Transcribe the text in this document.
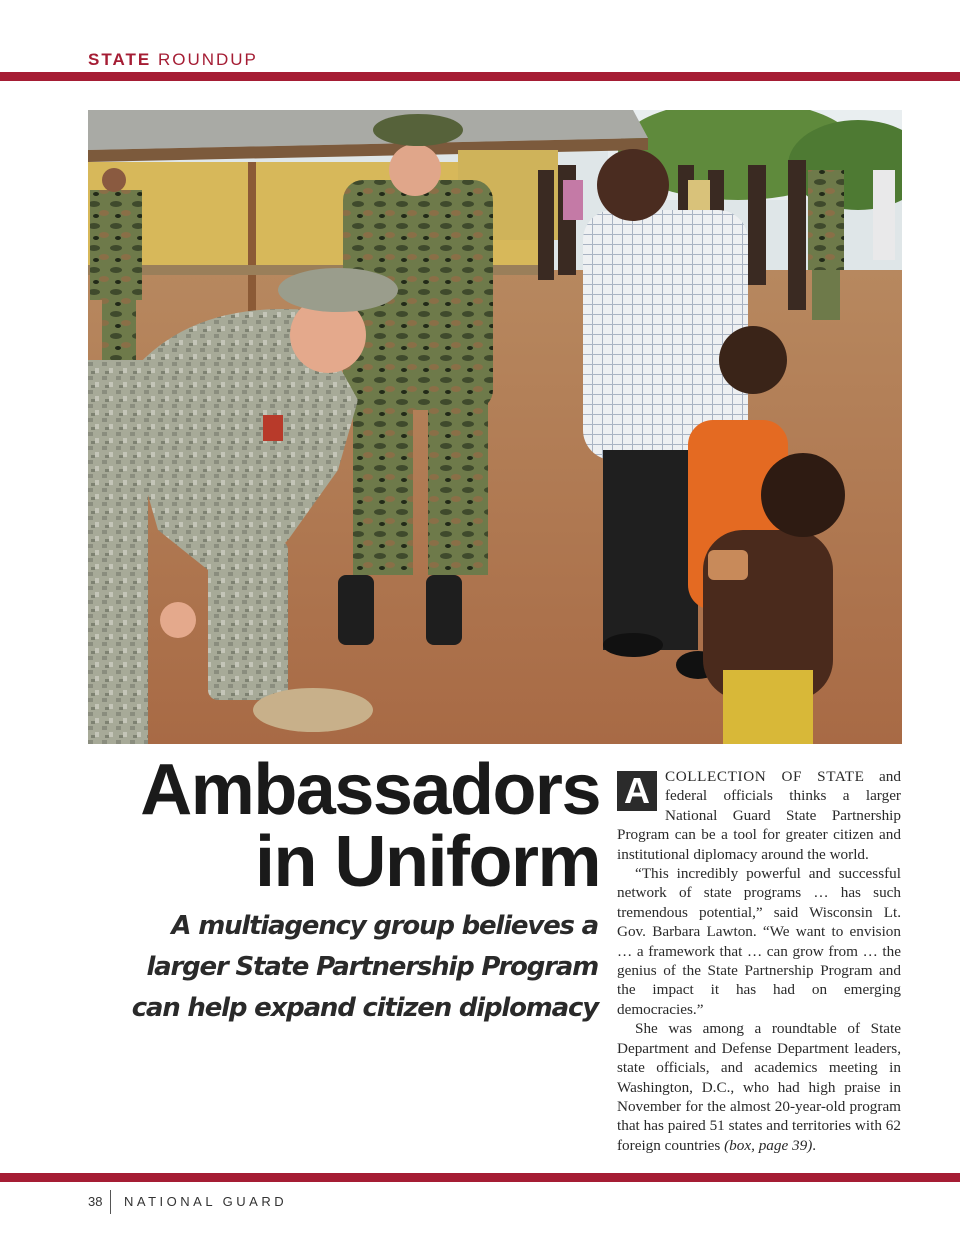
STATE ROUNDUP
Ambassadors
in Uniform
A multiagency group believes a
larger State Partnership Program
can help expand citizen diplomacy

A COLLECTION OF STATE and federal officials thinks a larger National Guard State Partnership Program can be a tool for greater citizen and institutional diplomacy around the world.

“This incredibly powerful and successful network of state programs … has such tremendous potential,” said Wisconsin Lt. Gov. Barbara Lawton. “We want to envision … a framework that … can grow from … the genius of the State Partnership Program and the impact it has had on emerging democracies.”

She was among a roundtable of State Department and Defense Department leaders, state officials, and academics meeting in Washington, D.C., who had high praise in November for the almost 20-year-old program that has paired 51 states and territories with 62 foreign countries (box, page 39).

38 NATIONAL GUARD
